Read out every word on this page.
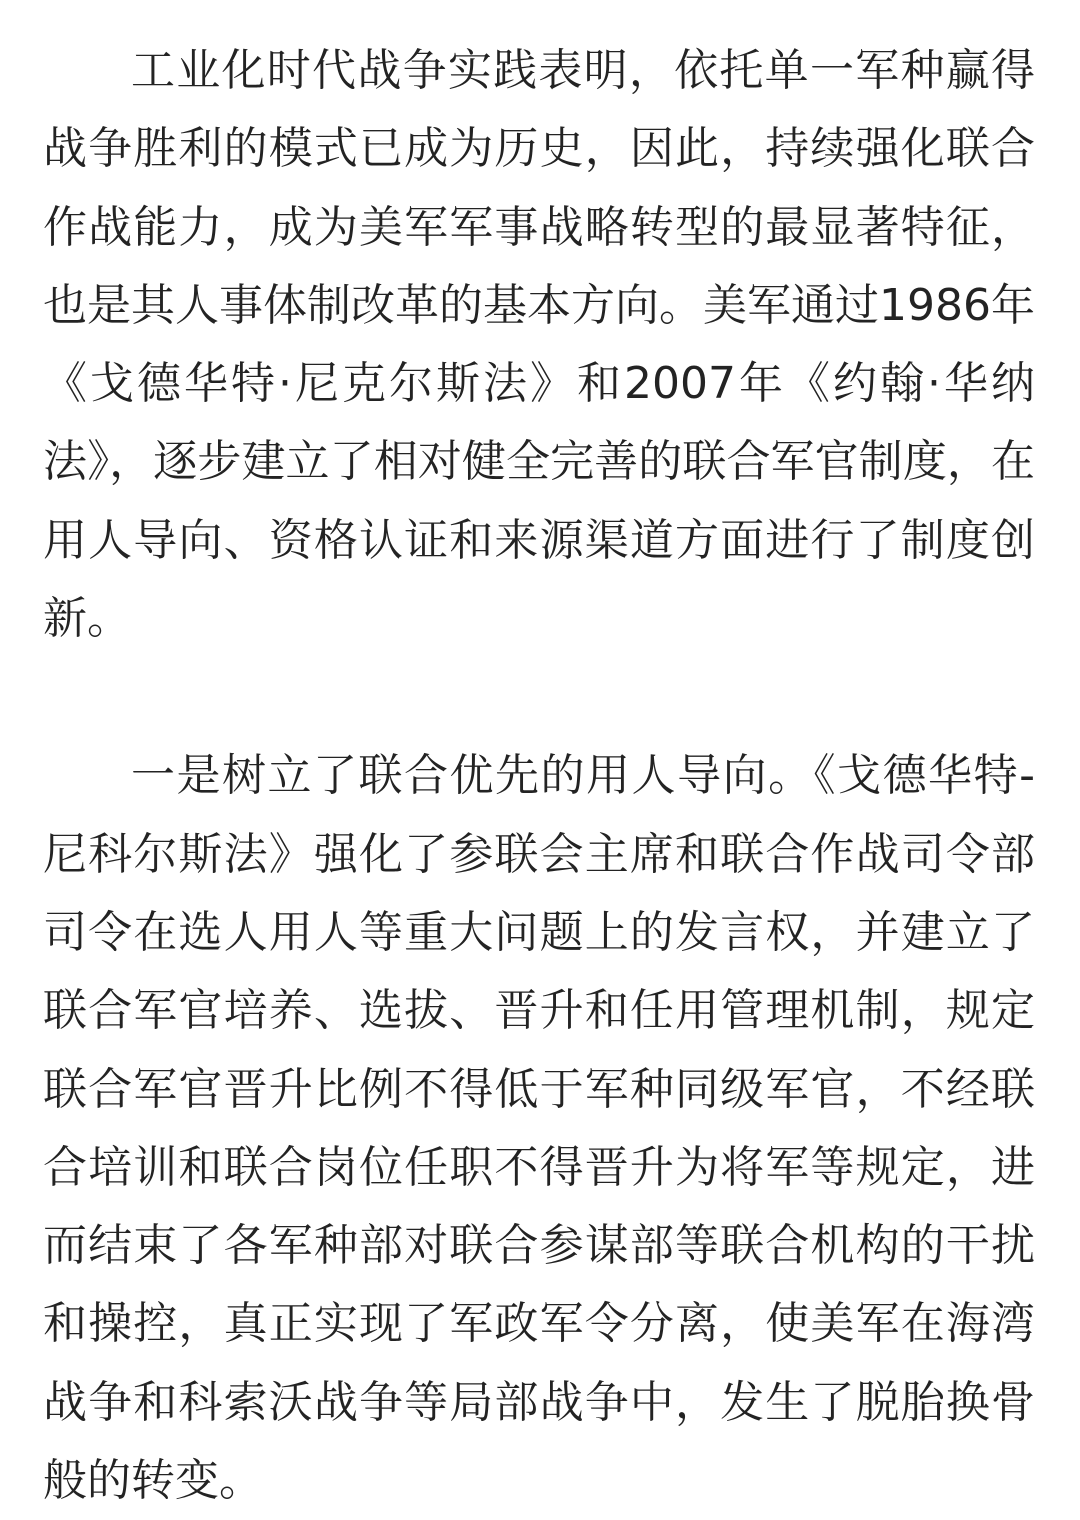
工业化时代战争实践表明，依托单一军种赢得战争胜利的模式已成为历史，因此，持续强化联合作战能力，成为美军军事战略转型的最显著特征，也是其人事体制改革的基本方向。美军通过1986年《戈德华特·尼克尔斯法》和2007年《约翰·华纳法》，逐步建立了相对健全完善的联合军官制度，在用人导向、资格认证和来源渠道方面进行了制度创新。

一是树立了联合优先的用人导向。《戈德华特-尼科尔斯法》强化了参联会主席和联合作战司令部司令在选人用人等重大问题上的发言权，并建立了联合军官培养、选拔、晋升和任用管理机制，规定联合军官晋升比例不得低于军种同级军官，不经联合培训和联合岗位任职不得晋升为将军等规定，进而结束了各军种部对联合参谋部等联合机构的干扰和操控，真正实现了军政军令分离，使美军在海湾战争和科索沃战争等局部战争中，发生了脱胎换骨般的转变。
